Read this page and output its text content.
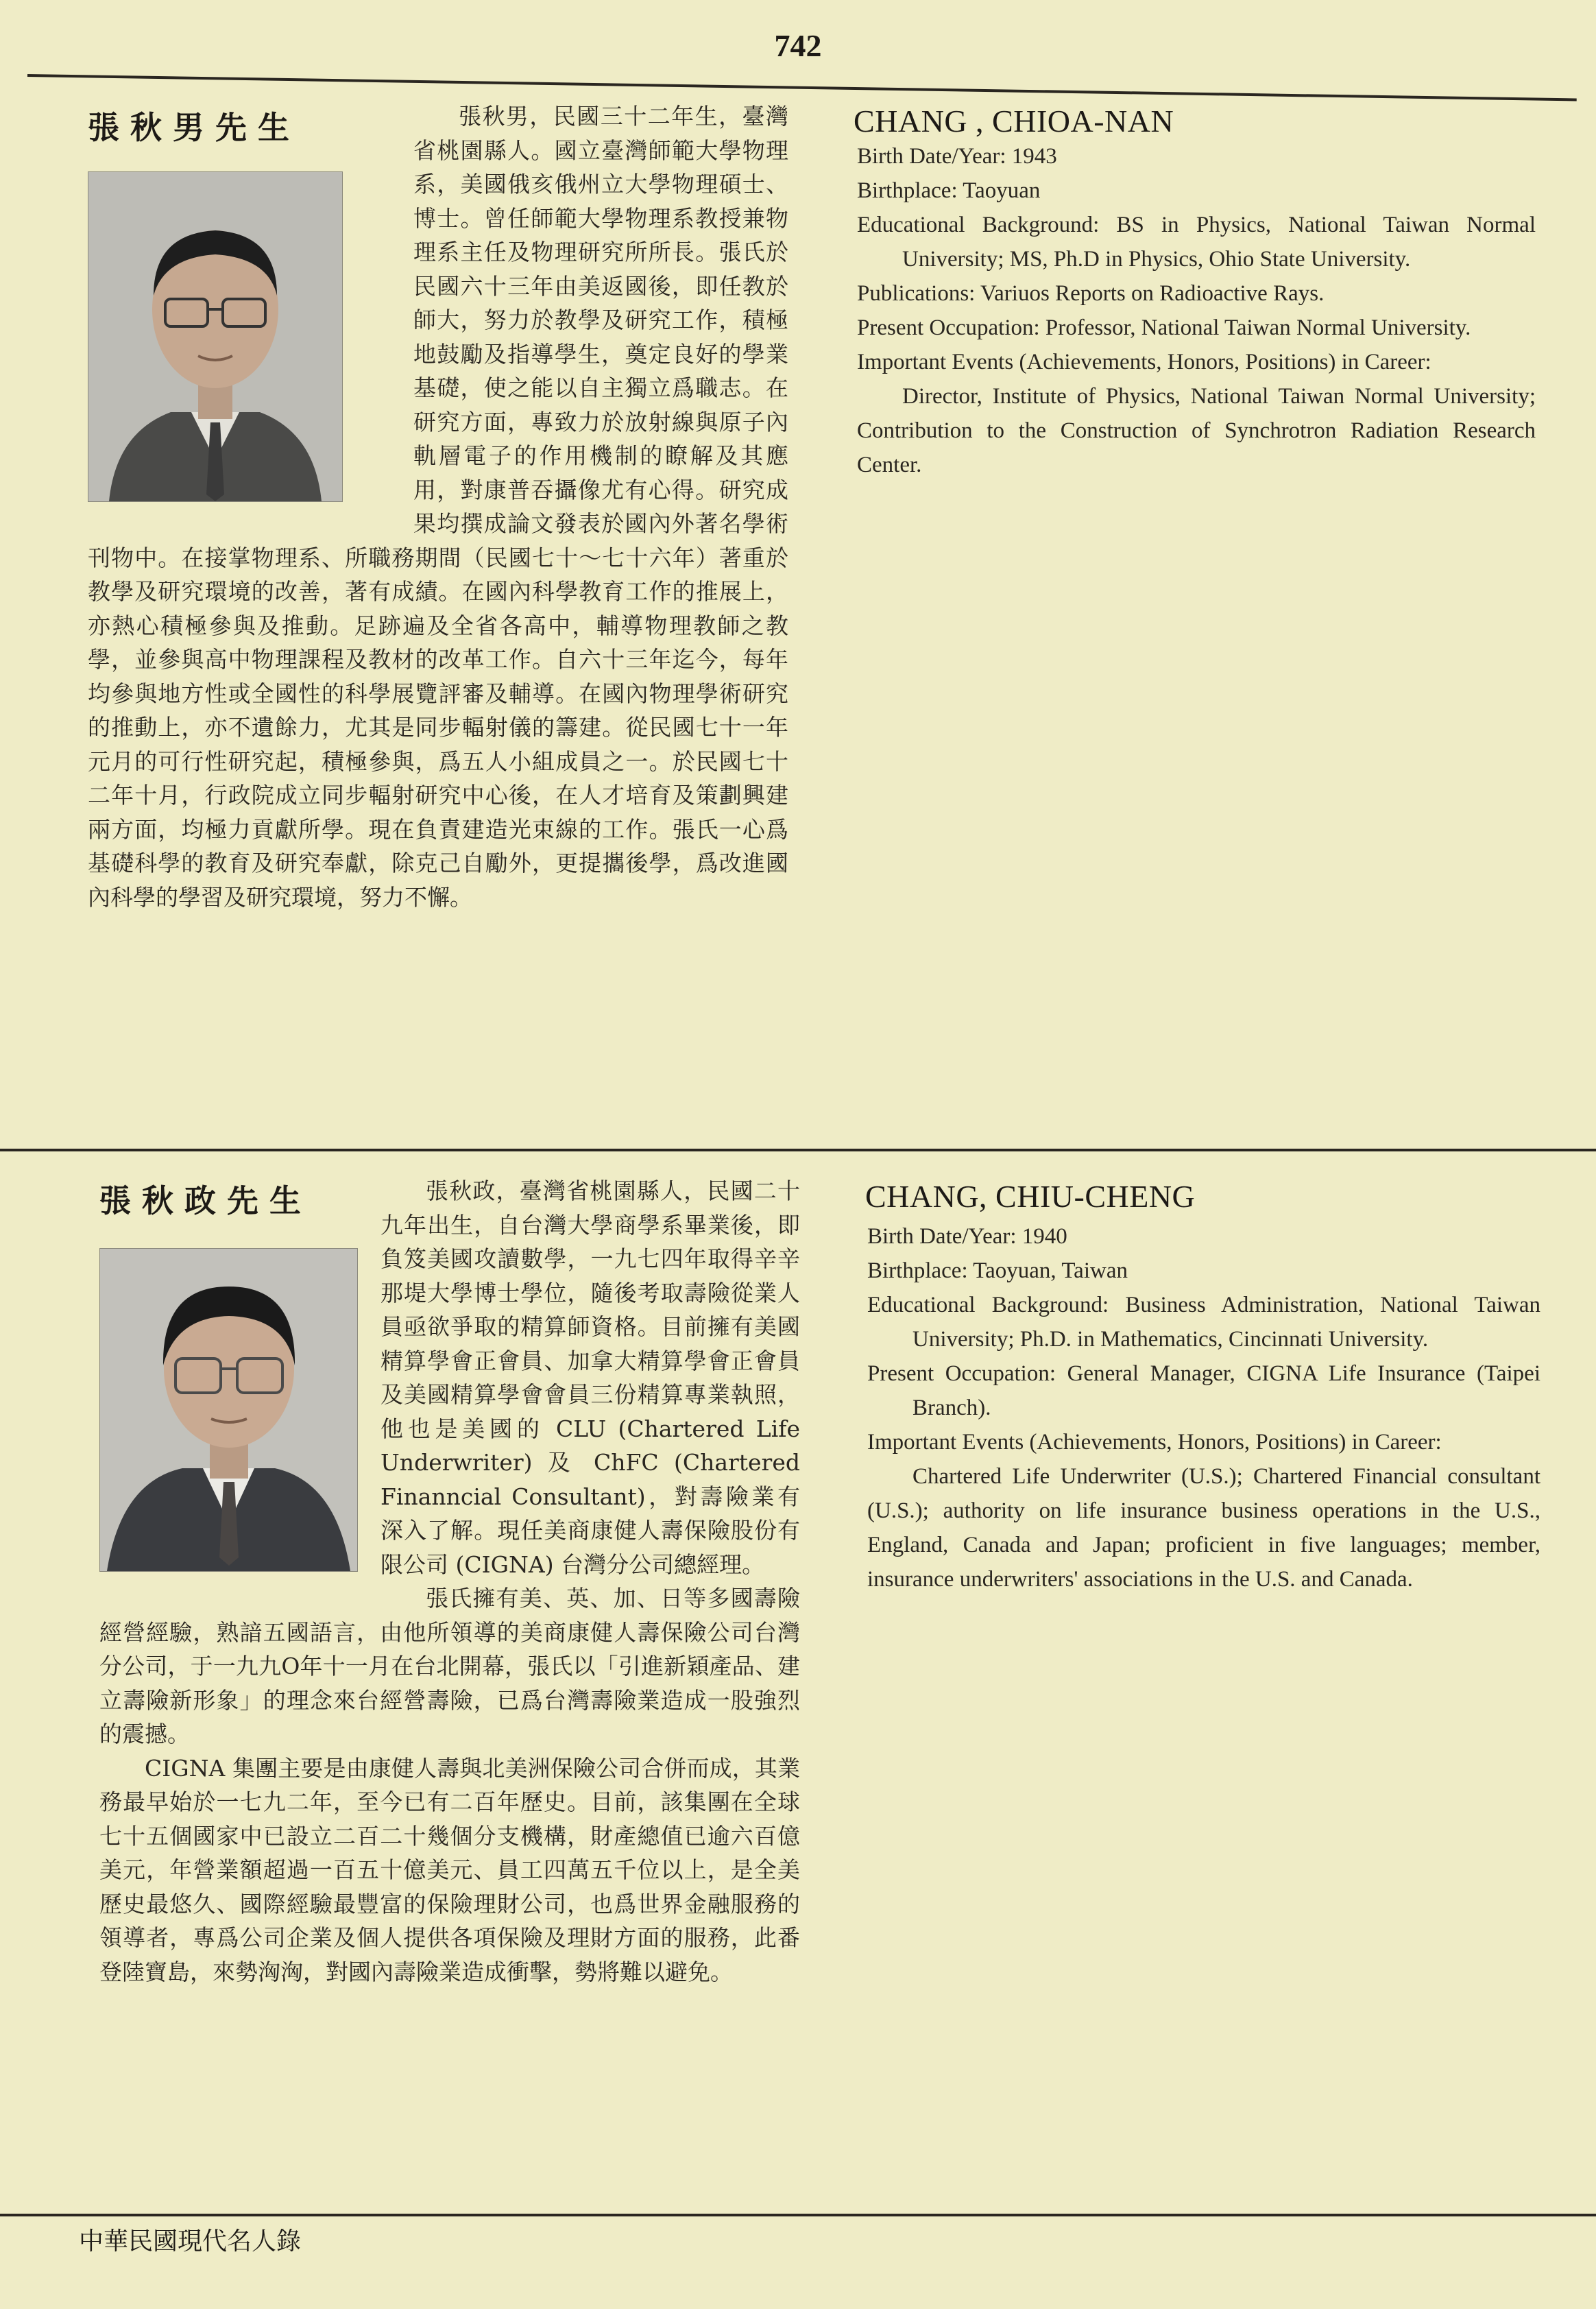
742
張秋男先生	張秋男，民國三十二年生，臺灣省桃園縣人。國立臺灣師範大學物理系，美國俄亥俄州立大學物理碩士、博士。曾任師範大學物理系教授兼物理系主任及物理研究所所長。張氏於民國六十三年由美返國後，即任教於師大，努力於教學及研究工作，積極地鼓勵及指導學生，奠定良好的學業基礎，使之能以自主獨立爲職志。在研究方面，專致力於放射線與原子內軌層電子的作用機制的瞭解及其應用，對康普吞攝像尤有心得。研究成果均撰成論文發表於國內外著名學術刊物中。在接掌物理系、所職務期間（民國七十～七十六年）著重於教學及研究環境的改善，著有成績。在國內科學教育工作的推展上，亦熱心積極參與及推動。足跡遍及全省各高中，輔導物理教師之教學，並參與高中物理課程及教材的改革工作。自六十三年迄今，每年均參與地方性或全國性的科學展覽評審及輔導。在國內物理學術研究的推動上，亦不遺餘力，尤其是同步輻射儀的籌建。從民國七十一年元月的可行性研究起，積極參與，爲五人小組成員之一。於民國七十二年十月，行政院成立同步輻射研究中心後，在人才培育及策劃興建兩方面，均極力貢獻所學。現在負責建造光束線的工作。張氏一心爲基礎科學的教育及研究奉獻，除克己自勵外，更提攜後學，爲改進國內科學的學習及研究環境，努力不懈。

CHANG , CHIOA-NAN

Birth Date/Year: 1943

Birthplace: Taoyuan

Educational Background: BS in Physics, National Taiwan Normal University; MS, Ph.D in Physics, Ohio State University.

Publications: Variuos Reports on Radioactive Rays.

Present Occupation: Professor, National Taiwan Normal University.

Important Events (Achievements, Honors, Positions) in Career:

Director, Institute of Physics, National Taiwan Normal University; Contribution to the Construction of Synchrotron Radiation Research Center.

張秋政先生	張秋政，臺灣省桃園縣人，民國二十九年出生，自台灣大學商學系畢業後，即負笈美國攻讀數學，一九七四年取得辛辛那堤大學博士學位，隨後考取壽險從業人員亟欲爭取的精算師資格。目前擁有美國精算學會正會員、加拿大精算學會正會員及美國精算學會會員三份精算專業執照，他也是美國的 CLU (Chartered Life Underwriter) 及 ChFC (Chartered Finanncial Consultant)，對壽險業有深入了解。現任美商康健人壽保險股份有限公司 (CIGNA) 台灣分公司總經理。

張氏擁有美、英、加、日等多國壽險經營經驗，熟諳五國語言，由他所領導的美商康健人壽保險公司台灣分公司，于一九九O年十一月在台北開幕，張氏以「引進新穎產品、建立壽險新形象」的理念來台經營壽險，已爲台灣壽險業造成一股強烈的震撼。

CIGNA 集團主要是由康健人壽與北美洲保險公司合併而成，其業務最早始於一七九二年，至今已有二百年歷史。目前，該集團在全球七十五個國家中已設立二百二十幾個分支機構，財產總值已逾六百億美元，年營業額超過一百五十億美元、員工四萬五千位以上，是全美歷史最悠久、國際經驗最豐富的保險理財公司，也爲世界金融服務的領導者，專爲公司企業及個人提供各項保險及理財方面的服務，此番登陸寶島，來勢洶洶，對國內壽險業造成衝擊，勢將難以避免。

CHANG, CHIU-CHENG

Birth Date/Year: 1940

Birthplace: Taoyuan, Taiwan

Educational Background: Business Administration, National Taiwan University; Ph.D. in Mathematics, Cincinnati University.

Present Occupation: General Manager, CIGNA Life Insurance (Taipei Branch).

Important Events (Achievements, Honors, Positions) in Career:

Chartered Life Underwriter (U.S.); Chartered Financial consultant (U.S.); authority on life insurance business operations in the U.S., England, Canada and Japan; proficient in five languages; member, insurance underwriters' associations in the U.S. and Canada.

中華民國現代名人錄
